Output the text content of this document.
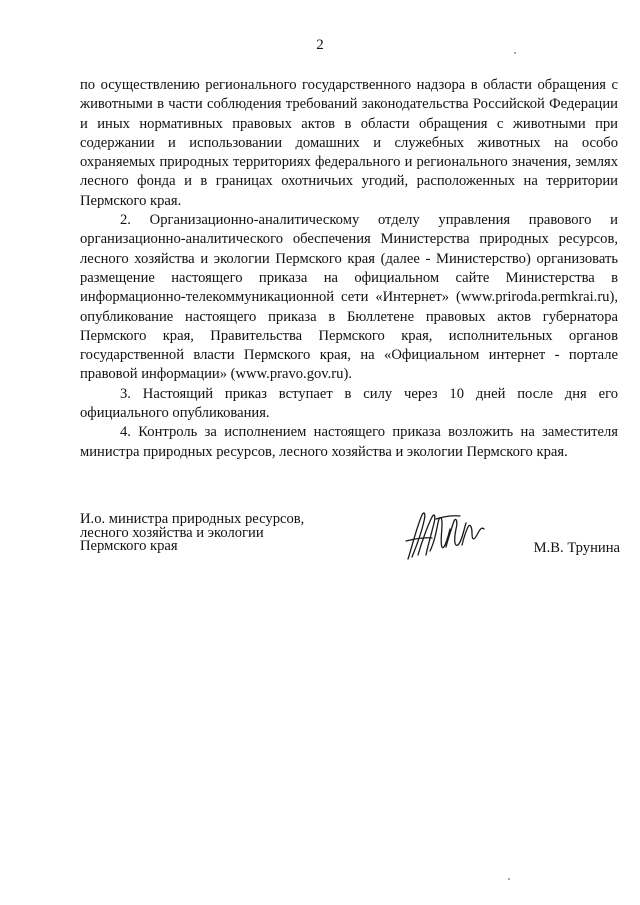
2

по осуществлению регионального государственного надзора в области обращения с животными в части соблюдения требований законодательства Российской Федерации и иных нормативных правовых актов в области обращения с животными при содержании и использовании домашних и служебных животных на особо охраняемых природных территориях федерального и регионального значения, землях лесного фонда и в границах охотничьих угодий, расположенных на территории Пермского края.

2. Организационно-аналитическому отделу управления правового и организационно-аналитического обеспечения Министерства природных ресурсов, лесного хозяйства и экологии Пермского края (далее - Министерство) организовать размещение настоящего приказа на официальном сайте Министерства в информационно-телекоммуникационной сети «Интернет» (www.priroda.permkrai.ru), опубликование настоящего приказа в Бюллетене правовых актов губернатора Пермского края, Правительства Пермского края, исполнительных органов государственной власти Пермского края, на «Официальном интернет - портале правовой информации» (www.pravo.gov.ru).

3. Настоящий приказ вступает в силу через 10 дней после дня его официального опубликования.

4. Контроль за исполнением настоящего приказа возложить на заместителя министра природных ресурсов, лесного хозяйства и экологии Пермского края.

И.о. министра природных ресурсов,
лесного хозяйства и экологии
Пермского края	М.В. Трунина
